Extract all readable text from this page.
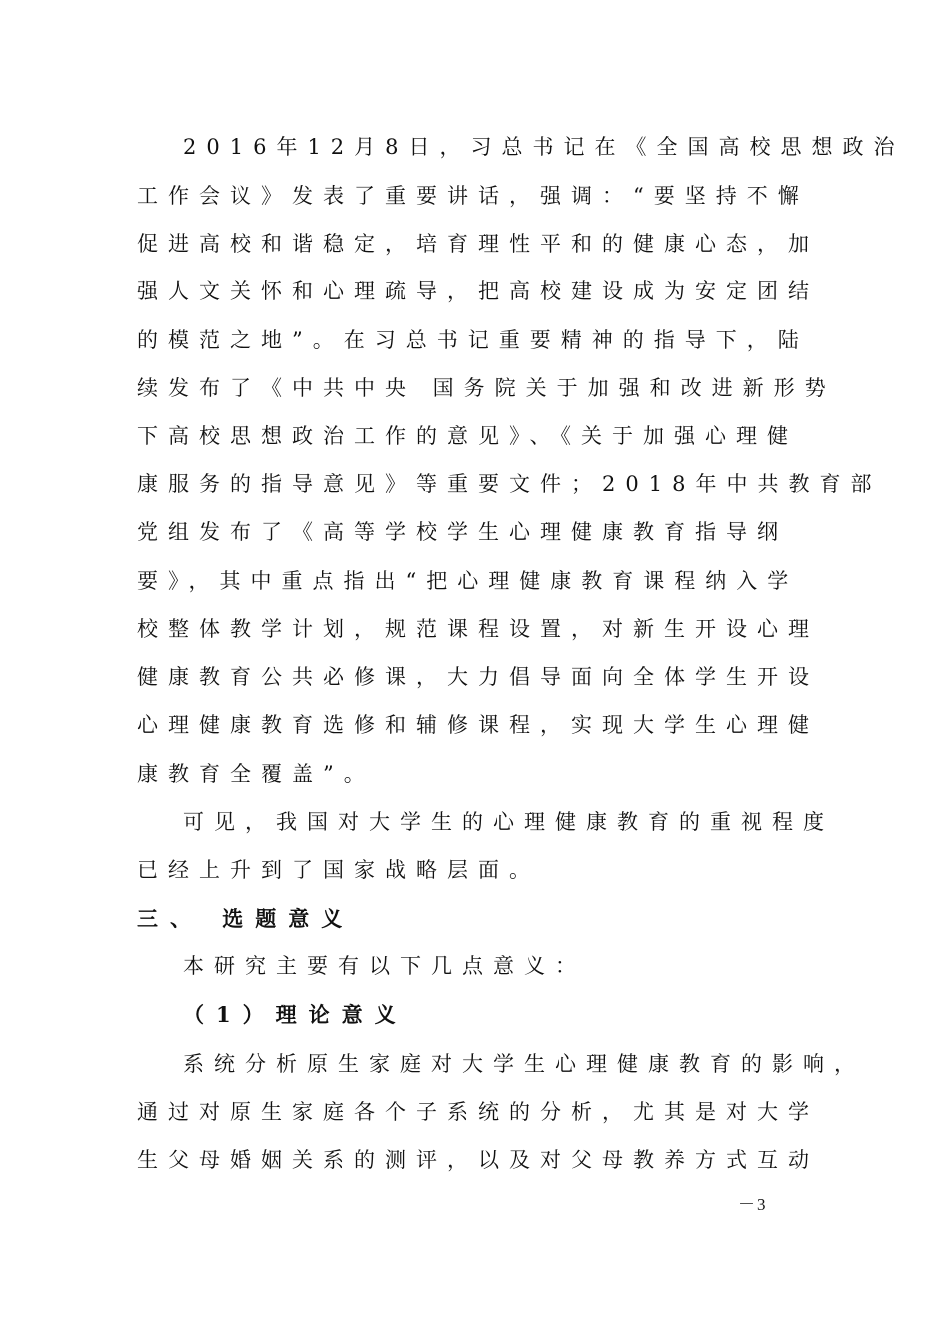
2016年12月8日，习总书记在《全国高校思想政治
工作会议》发表了重要讲话，强调：“要坚持不懈
促进高校和谐稳定，培育理性平和的健康心态，加
强人文关怀和心理疏导，把高校建设成为安定团结
的模范之地”。在习总书记重要精神的指导下，陆
续发布了《中共中央 国务院关于加强和改进新形势
下高校思想政治工作的意见》、《关于加强心理健
康服务的指导意见》等重要文件；2018年中共教育部
党组发布了《高等学校学生心理健康教育指导纲
要》，其中重点指出“把心理健康教育课程纳入学
校整体教学计划，规范课程设置，对新生开设心理
健康教育公共必修课，大力倡导面向全体学生开设
心理健康教育选修和辅修课程，实现大学生心理健
康教育全覆盖”。
可见，我国对大学生的心理健康教育的重视程度
已经上升到了国家战略层面。
三、 选题意义
本研究主要有以下几点意义：
（1）理论意义
系统分析原生家庭对大学生心理健康教育的影响，
通过对原生家庭各个子系统的分析，尤其是对大学
生父母婚姻关系的测评，以及对父母教养方式互动
－3
